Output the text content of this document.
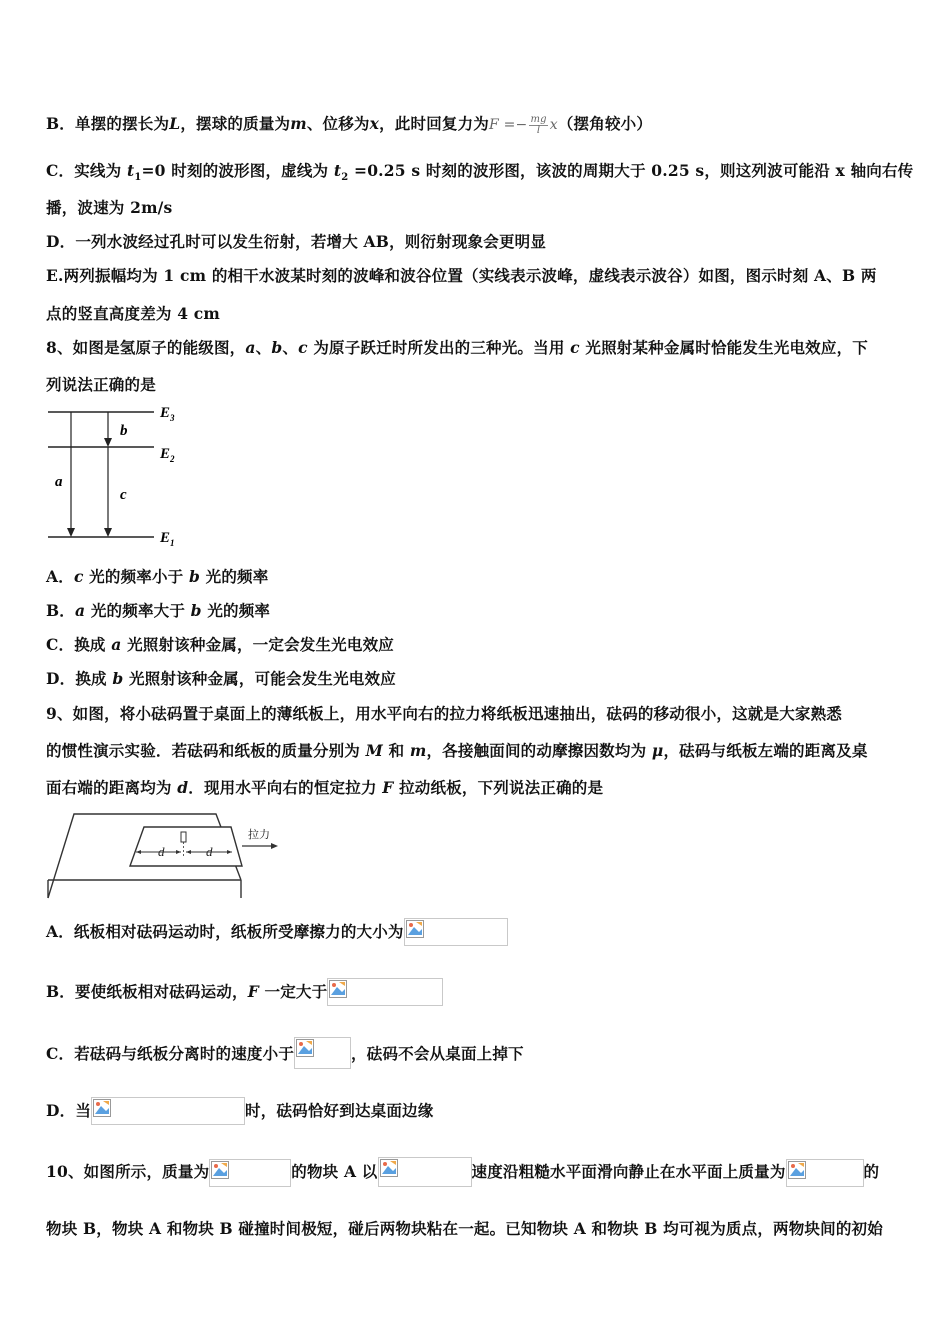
B．单摆的摆长为L，摆球的质量为m、位移为x，此时回复力为$F =- \frac{mg}{l} x$（摆角较小）
C．实线为 $t_1=0$ 时刻的波形图，虚线为 $t_2 =0.25$ s 时刻的波形图，该波的周期大于 0.25 s，则这列波可能沿 x 轴向右传
播，波速为 2m/s
D．一列水波经过孔时可以发生衍射，若增大 AB，则衍射现象会更明显
E.两列振幅均为 1 cm 的相干水波某时刻的波峰和波谷位置（实线表示波峰，虚线表示波谷）如图，图示时刻 A、B 两
点的竖直高度差为 4 cm
8、如图是氢原子的能级图，a、b、c 为原子跃迁时所发出的三种光。当用 c 光照射某种金属时恰能发生光电效应，下
列说法正确的是
$E_3$
$E_2$
$E_1$
a
b
c
A．c 光的频率小于 b 光的频率
B．a 光的频率大于 b 光的频率
C．换成 a 光照射该种金属，一定会发生光电效应
D．换成 b 光照射该种金属，可能会发生光电效应
9、如图，将小砝码置于桌面上的薄纸板上，用水平向右的拉力将纸板迅速抽出，砝码的移动很小，这就是大家熟悉
的惯性演示实验．若砝码和纸板的质量分别为 M 和 m，各接触面间的动摩擦因数均为 μ，砝码与纸板左端的距离及桌
面右端的距离均为 d．现用水平向右的恒定拉力 F 拉动纸板，下列说法正确的是
d	d
拉力
A．纸板相对砝码运动时，纸板所受摩擦力的大小为
B．要使纸板相对砝码运动，F 一定大于
C．若砝码与纸板分离时的速度小于	，砝码不会从桌面上掉下
D．当	时，砝码恰好到达桌面边缘
10、如图所示，质量为	的物块 A 以	速度沿粗糙水平面滑向静止在水平面上质量为	的
物块 B，物块 A 和物块 B 碰撞时间极短，碰后两物块粘在一起。已知物块 A 和物块 B 均可视为质点，两物块间的初始
